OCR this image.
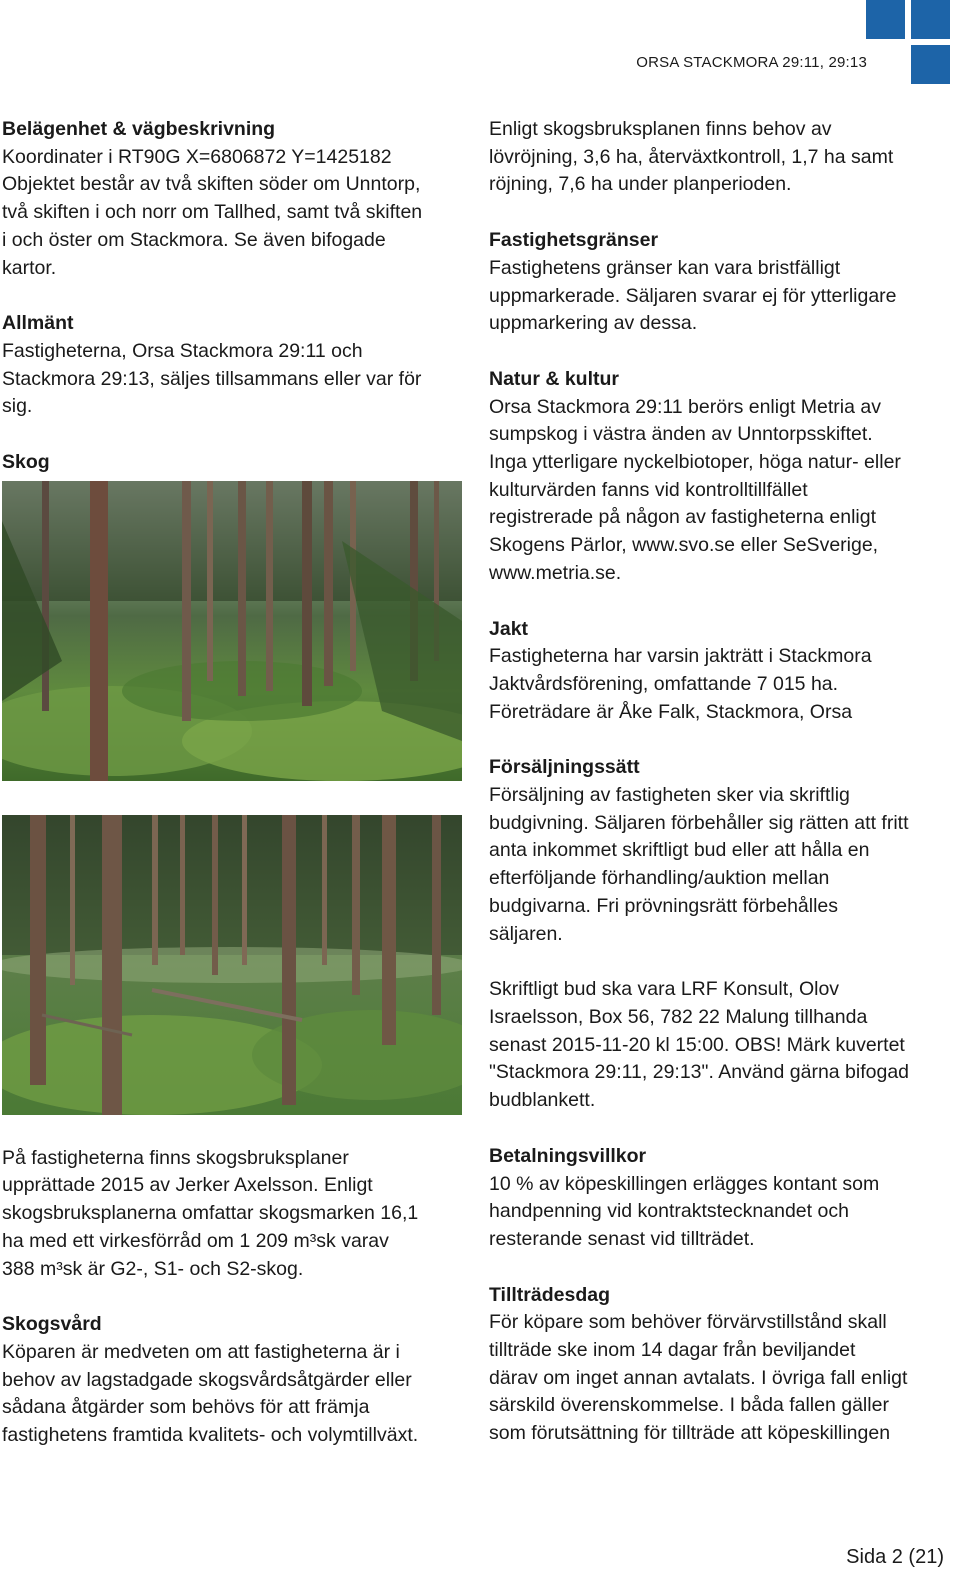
ORSA STACKMORA 29:11, 29:13
Belägenhet & vägbeskrivning
Koordinater i RT90G X=6806872 Y=1425182
Objektet består av två skiften söder om Unntorp,
två skiften i och norr om Tallhed, samt två skiften
i och öster om Stackmora. Se även bifogade
kartor.
Allmänt
Fastigheterna, Orsa Stackmora 29:11 och
Stackmora 29:13, säljes tillsammans eller var för
sig.
Skog
På fastigheterna finns skogsbruksplaner
upprättade 2015 av Jerker Axelsson. Enligt
skogsbruksplanerna omfattar skogsmarken 16,1
ha med ett virkesförråd om 1 209 m³sk varav
388 m³sk är G2-, S1- och S2-skog.
Skogsvård
Köparen är medveten om att fastigheterna är i
behov av lagstadgade skogsvårdsåtgärder eller
sådana åtgärder som behövs för att främja
fastighetens framtida kvalitets- och volymtillväxt.
Enligt skogsbruksplanen finns behov av
lövröjning, 3,6 ha, återväxtkontroll, 1,7 ha samt
röjning, 7,6 ha under planperioden.
Fastighetsgränser
Fastighetens gränser kan vara bristfälligt
uppmarkerade. Säljaren svarar ej för ytterligare
uppmarkering av dessa.
Natur & kultur
Orsa Stackmora 29:11 berörs enligt Metria av
sumpskog i västra änden av Unntorpsskiftet.
Inga ytterligare nyckelbiotoper, höga natur- eller
kulturvärden fanns vid kontrolltillfället
registrerade på någon av fastigheterna enligt
Skogens Pärlor, www.svo.se eller SeSverige,
www.metria.se.
Jakt
Fastigheterna har varsin jakträtt i Stackmora
Jaktvårdsförening, omfattande 7 015 ha.
Företrädare är Åke Falk, Stackmora, Orsa
Försäljningssätt
Försäljning av fastigheten sker via skriftlig
budgivning. Säljaren förbehåller sig rätten att fritt
anta inkommet skriftligt bud eller att hålla en
efterföljande förhandling/auktion mellan
budgivarna. Fri prövningsrätt förbehålles
säljaren.
Skriftligt bud ska vara LRF Konsult, Olov
Israelsson, Box 56, 782 22 Malung tillhanda
senast 2015-11-20 kl 15:00. OBS! Märk kuvertet
"Stackmora 29:11, 29:13". Använd gärna bifogad
budblankett.
Betalningsvillkor
10 % av köpeskillingen erlägges kontant som
handpenning vid kontraktstecknandet och
resterande senast vid tillträdet.
Tillträdesdag
För köpare som behöver förvärvstillstånd skall
tillträde ske inom 14 dagar från beviljandet
därav om inget annan avtalats. I övriga fall enligt
särskild överenskommelse. I båda fallen gäller
som förutsättning för tillträde att köpeskillingen
Sida 2 (21)
